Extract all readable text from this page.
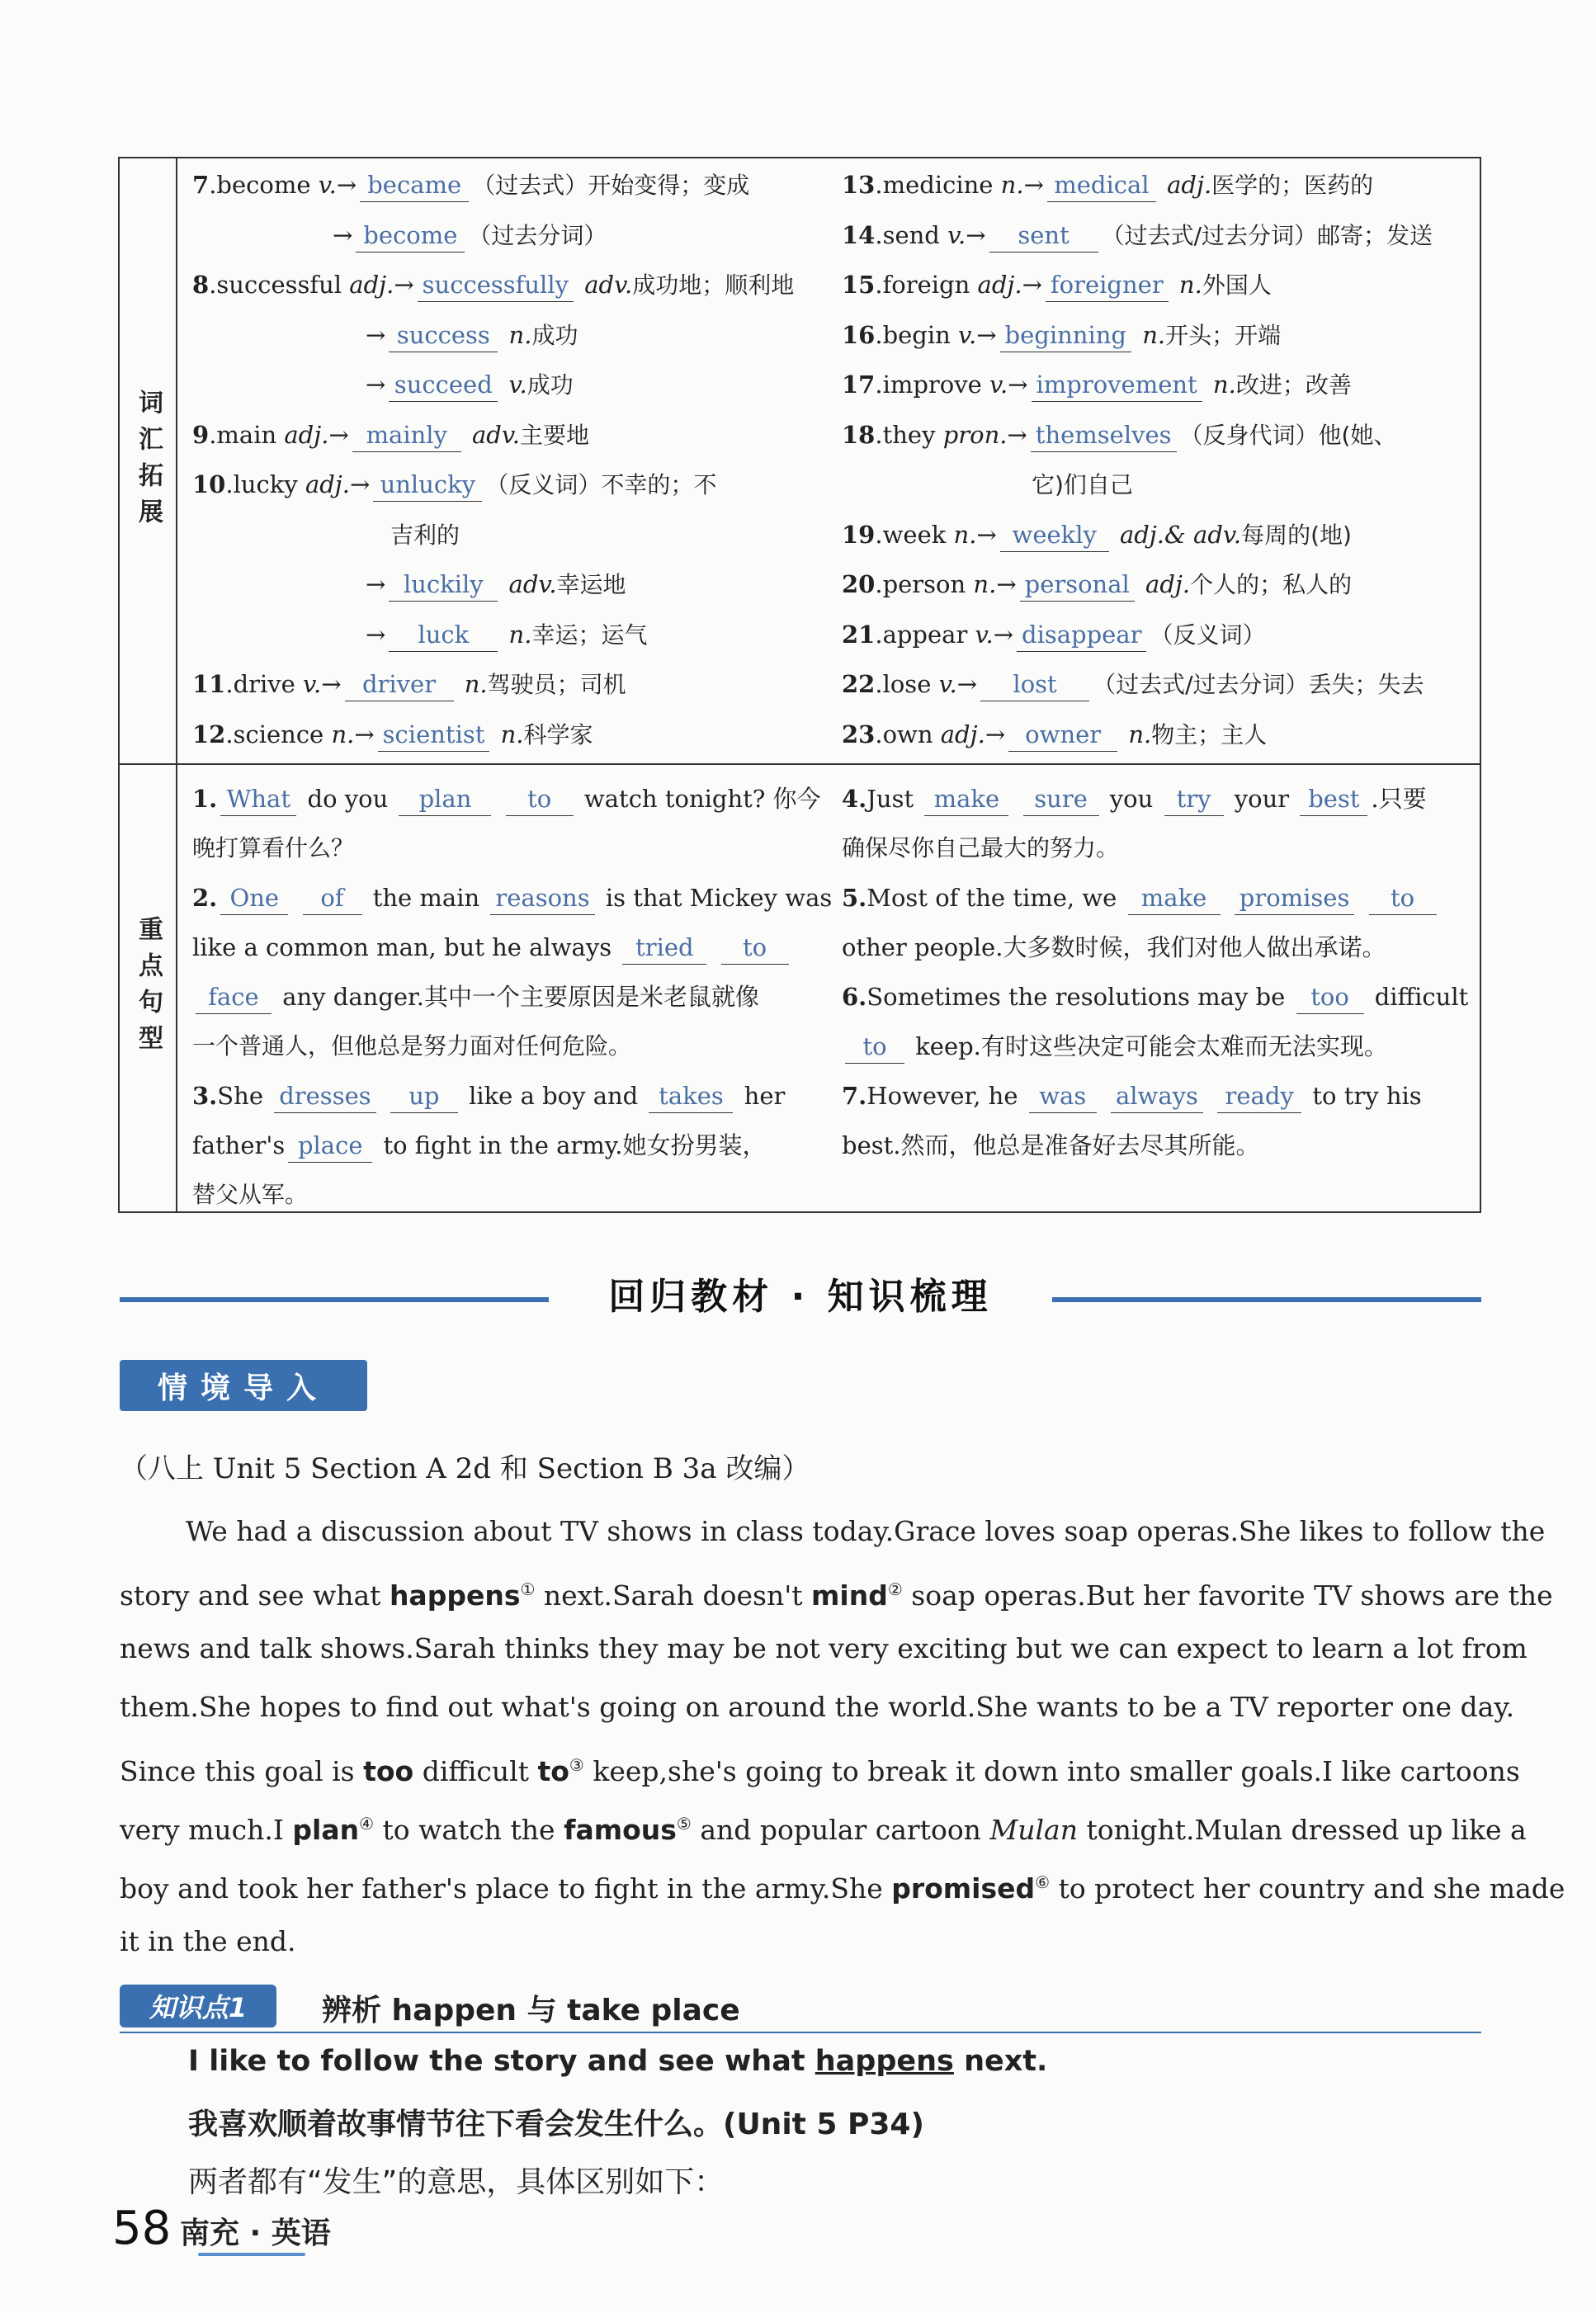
词汇拓展
重点句型
7.become v.→ became （过去式）开始变得；变成
→ become （过去分词）
8.successful adj.→ successfully adv.成功地；顺利地
→ success n.成功
→ succeed v.成功
9.main adj.→ mainly adv.主要地
10.lucky adj.→ unlucky （反义词）不幸的；不
吉利的
→ luckily adv.幸运地
→ luck n.幸运；运气
11.drive v.→ driver n.驾驶员；司机
12.science n.→ scientist n.科学家
13.medicine n.→ medical adj.医学的；医药的
14.send v.→ sent （过去式/过去分词）邮寄；发送
15.foreign adj.→ foreigner n.外国人
16.begin v.→ beginning n.开头；开端
17.improve v.→ improvement n.改进；改善
18.they pron.→ themselves （反身代词）他(她、
它)们自己
19.week n.→ weekly adj.& adv.每周的(地)
20.person n.→ personal adj.个人的；私人的
21.appear v.→ disappear （反义词）
22.lose v.→ lost （过去式/过去分词）丢失；失去
23.own adj.→ owner n.物主；主人
1. What do you plan to watch tonight? 你今
晚打算看什么？
2. One of the main reasons is that Mickey was
like a common man, but he always tried to
face any danger.其中一个主要原因是米老鼠就像
一个普通人，但他总是努力面对任何危险。
3.She dresses up like a boy and takes her
father's place to fight in the army.她女扮男装，
替父从军。
4.Just make sure you try your best .只要
确保尽你自己最大的努力。
5.Most of the time, we make promises to
other people.大多数时候，我们对他人做出承诺。
6.Sometimes the resolutions may be too difficult
to keep.有时这些决定可能会太难而无法实现。
7.However, he was always ready to try his
best.然而，他总是准备好去尽其所能。
回归教材 · 知识梳理
情境导入
（八上 Unit 5 Section A 2d 和 Section B 3a 改编）
We had a discussion about TV shows in class today.Grace loves soap operas.She likes to follow the
story and see what happens① next.Sarah doesn't mind② soap operas.But her favorite TV shows are the
news and talk shows.Sarah thinks they may be not very exciting but we can expect to learn a lot from
them.She hopes to find out what's going on around the world.She wants to be a TV reporter one day.
Since this goal is too difficult to③ keep,she's going to break it down into smaller goals.I like cartoons
very much.I plan④ to watch the famous⑤ and popular cartoon Mulan tonight.Mulan dressed up like a
boy and took her father's place to fight in the army.She promised⑥ to protect her country and she made
it in the end.
知识点1	辨析 happen 与 take place
I like to follow the story and see what happens next.
我喜欢顺着故事情节往下看会发生什么。(Unit 5 P34)
两者都有“发生”的意思，具体区别如下：
58 南充 · 英语
